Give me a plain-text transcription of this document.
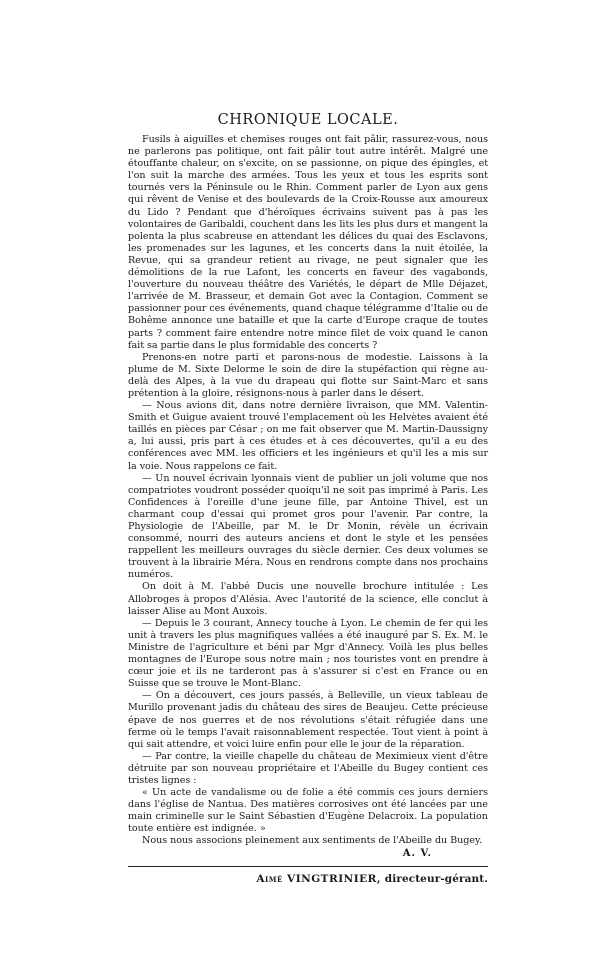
CHRONIQUE LOCALE.

Fusils à aiguilles et chemises rouges ont fait pâlir, rassurez-vous, nous ne parlerons pas politique, ont fait pâlir tout autre intérêt. Malgré une étouffante chaleur, on s'excite, on se passionne, on pique des épingles, et l'on suit la marche des armées. Tous les yeux et tous les esprits sont tournés vers la Péninsule ou le Rhin. Comment parler de Lyon aux gens qui rêvent de Venise et des boulevards de la Croix-Rousse aux amoureux du Lido ? Pendant que d'héroïques écrivains suivent pas à pas les volontaires de Garibaldi, couchent dans les lits les plus durs et mangent la polenta la plus scabreuse en attendant les délices du quai des Esclavons, les promenades sur les lagunes, et les concerts dans la nuit étoilée, la Revue, qui sa grandeur retient au rivage, ne peut signaler que les démolitions de la rue Lafont, les concerts en faveur des vagabonds, l'ouverture du nouveau théâtre des Variétés, le départ de Mlle Déjazet, l'arrivée de M. Brasseur, et demain Got avec la Contagion. Comment se passionner pour ces événements, quand chaque télégramme d'Italie ou de Bohême annonce une bataille et que la carte d'Europe craque de toutes parts ? comment faire entendre notre mince filet de voix quand le canon fait sa partie dans le plus formidable des concerts ?

Prenons-en notre parti et parons-nous de modestie. Laissons à la plume de M. Sixte Delorme le soin de dire la stupéfaction qui règne au-delà des Alpes, à la vue du drapeau qui flotte sur Saint-Marc et sans prétention à la gloire, résignons-nous à parler dans le désert.

— Nous avions dit, dans notre dernière livraison, que MM. Valentin-Smith et Guigue avaient trouvé l'emplacement où les Helvètes avaient été taillés en pièces par César ; on me fait observer que M. Martin-Daussigny a, lui aussi, pris part à ces études et à ces découvertes, qu'il a eu des conférences avec MM. les officiers et les ingénieurs et qu'il les a mis sur la voie. Nous rappelons ce fait.

— Un nouvel écrivain lyonnais vient de publier un joli volume que nos compatriotes voudront posséder quoiqu'il ne soit pas imprimé à Paris. Les Confidences à l'oreille d'une jeune fille, par Antoine Thivel, est un charmant coup d'essai qui promet gros pour l'avenir. Par contre, la Physiologie de l'Abeille, par M. le Dr Monin, révèle un écrivain consommé, nourri des auteurs anciens et dont le style et les pensées rappellent les meilleurs ouvrages du siècle dernier. Ces deux volumes se trouvent à la librairie Méra. Nous en rendrons compte dans nos prochains numéros.

On doit à M. l'abbé Ducis une nouvelle brochure intitulée : Les Allobroges à propos d'Alésia. Avec l'autorité de la science, elle conclut à laisser Alise au Mont Auxois.

— Depuis le 3 courant, Annecy touche à Lyon. Le chemin de fer qui les unit à travers les plus magnifiques vallées a été inauguré par S. Ex. M. le Ministre de l'agriculture et béni par Mgr d'Annecy. Voilà les plus belles montagnes de l'Europe sous notre main ; nos touristes vont en prendre à cœur joie et ils ne tarderont pas à s'assurer si c'est en France ou en Suisse que se trouve le Mont-Blanc.

— On a découvert, ces jours passés, à Belleville, un vieux tableau de Murillo provenant jadis du château des sires de Beaujeu. Cette précieuse épave de nos guerres et de nos révolutions s'était réfugiée dans une ferme où le temps l'avait raisonnablement respectée. Tout vient à point à qui sait attendre, et voici luire enfin pour elle le jour de la réparation.

— Par contre, la vieille chapelle du château de Meximieux vient d'être détruite par son nouveau propriétaire et l'Abeille du Bugey contient ces tristes lignes :

« Un acte de vandalisme ou de folie a été commis ces jours derniers dans l'église de Nantua. Des matières corrosives ont été lancées par une main criminelle sur le Saint Sébastien d'Eugène Delacroix. La population toute entière est indignée. »

Nous nous associons pleinement aux sentiments de l'Abeille du Bugey.

A. V.

Aimé VINGTRINIER, directeur-gérant.
